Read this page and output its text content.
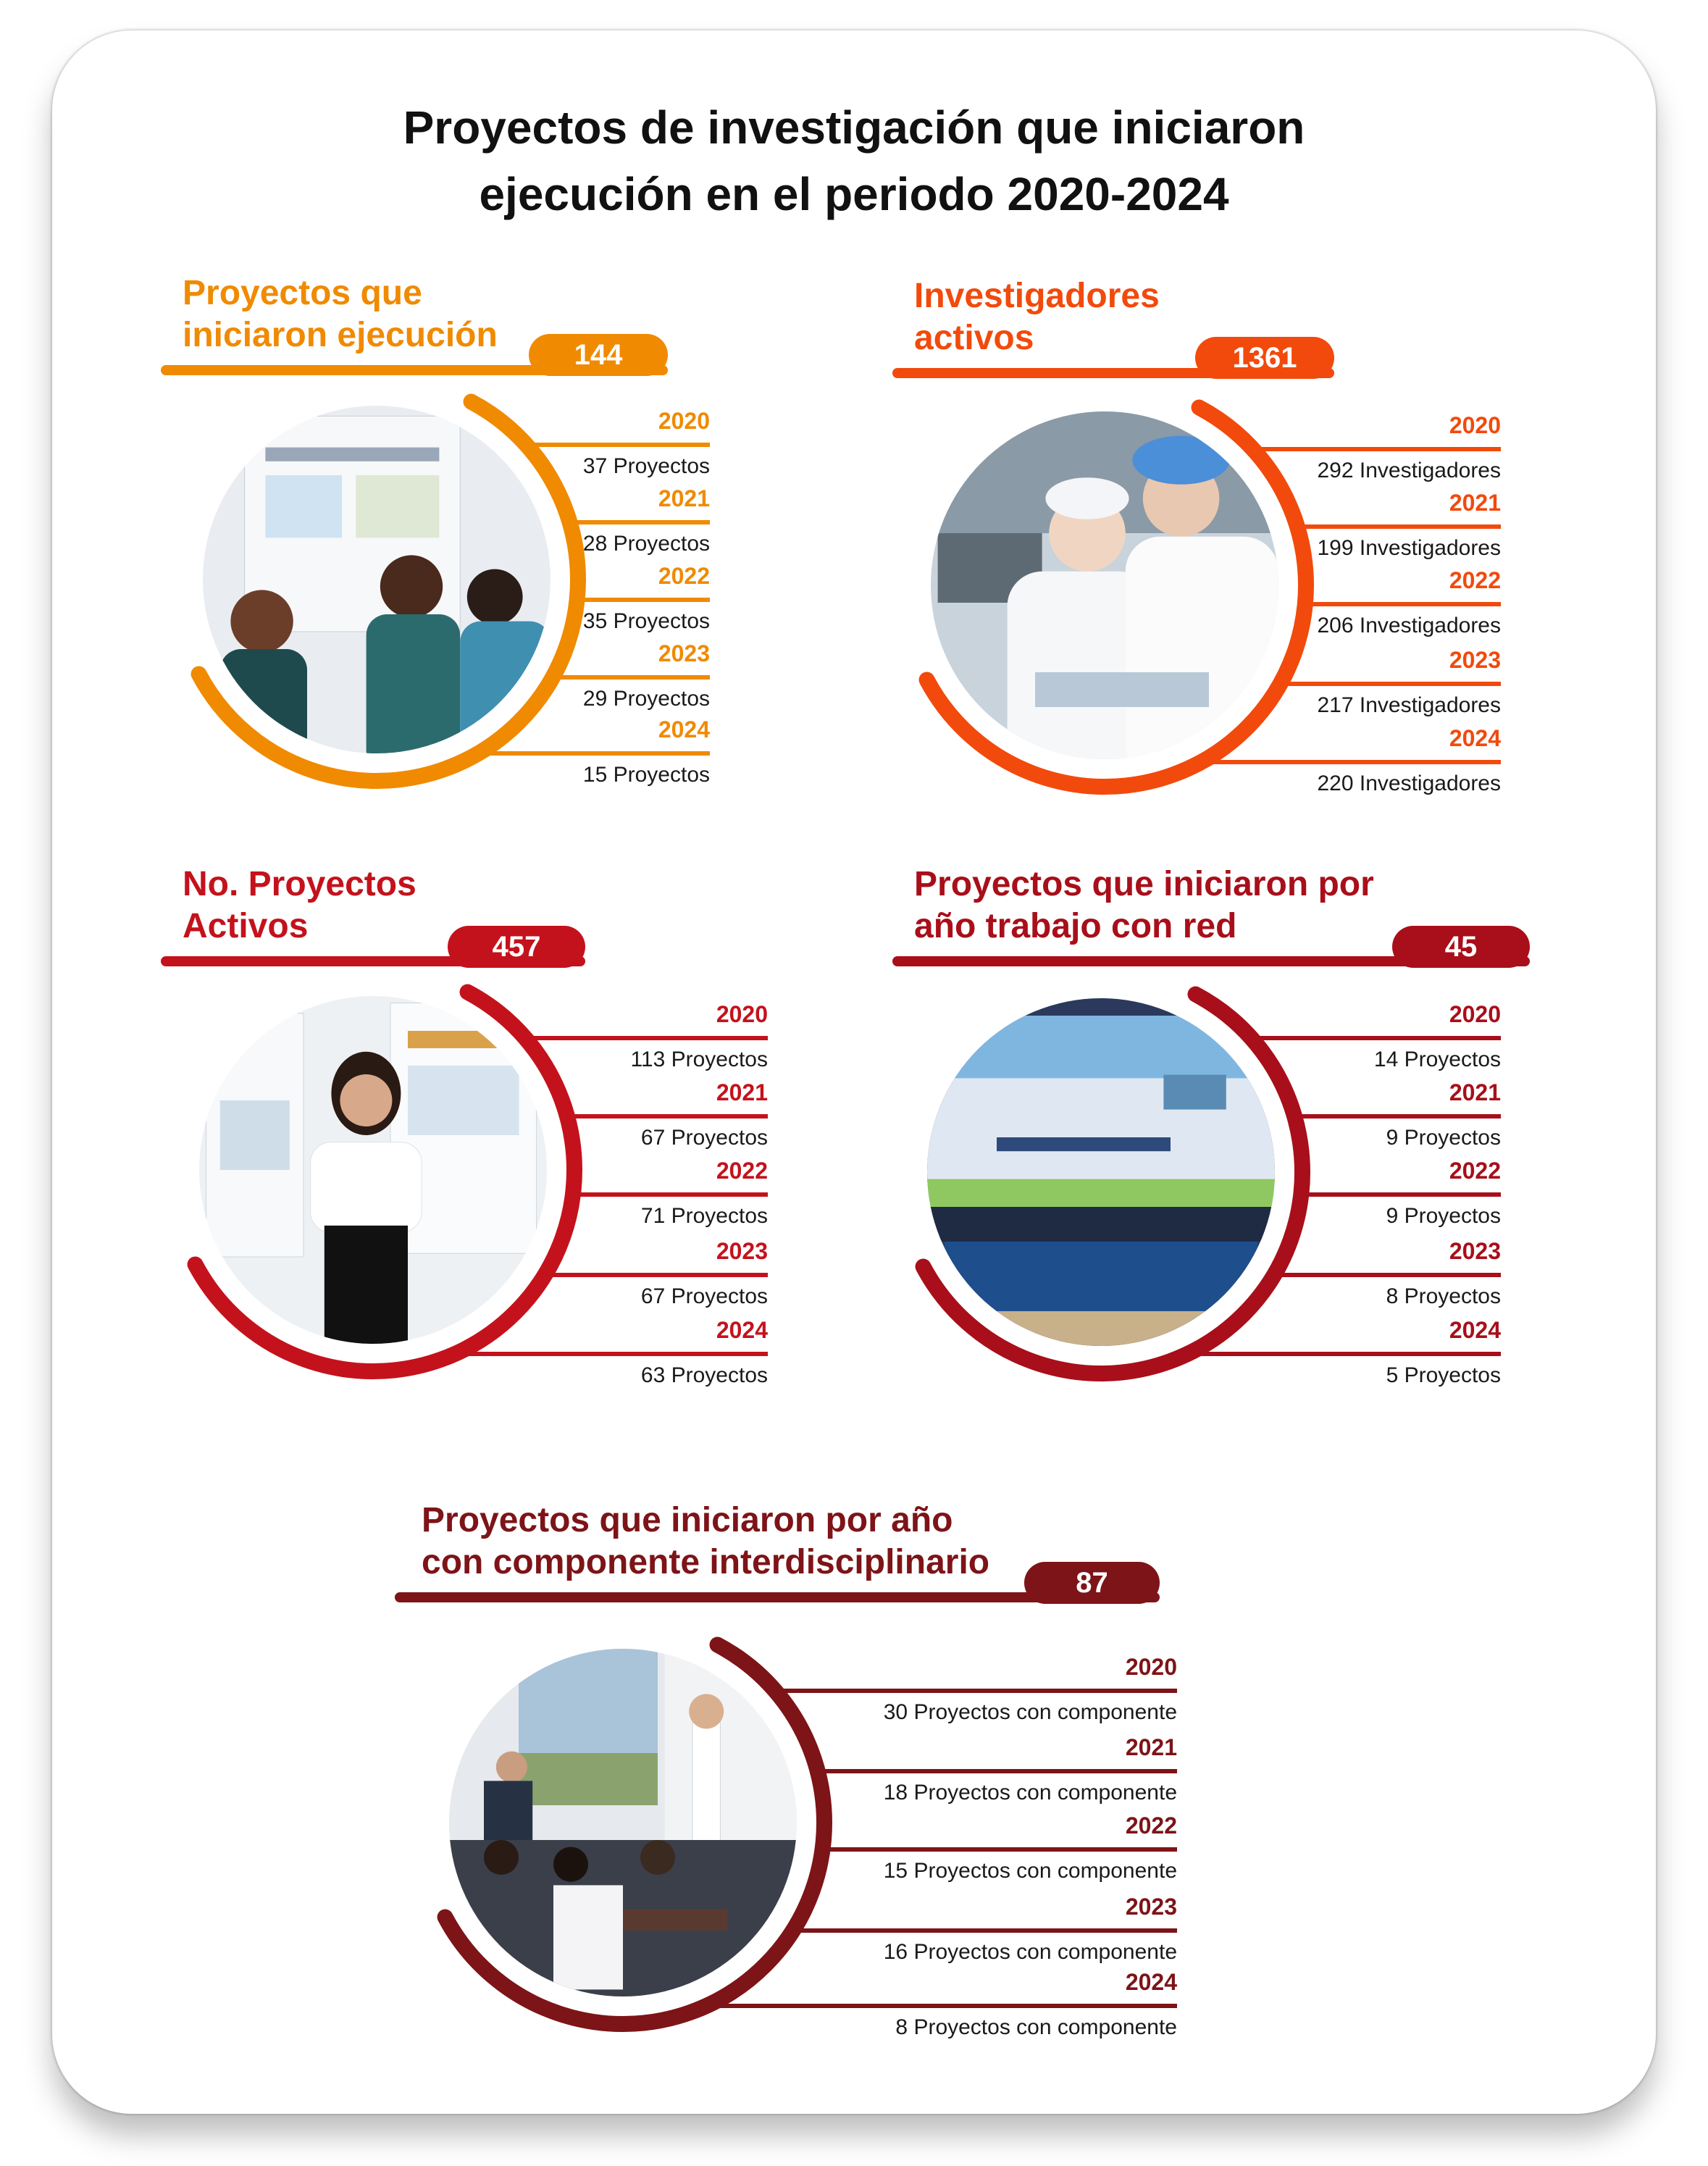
Proyectos de investigación que iniciaron
ejecución en el periodo 2020-2024
Proyectos que
iniciaron ejecución
144
2020
37 Proyectos
2021
28 Proyectos
2022
35 Proyectos
2023
29 Proyectos
2024
15 Proyectos
Investigadores
activos
1361
2020
292 Investigadores
2021
199 Investigadores
2022
206 Investigadores
2023
217 Investigadores
2024
220 Investigadores
No. Proyectos
Activos
457
2020
113 Proyectos
2021
67 Proyectos
2022
71 Proyectos
2023
67 Proyectos
2024
63 Proyectos
Proyectos que iniciaron por
año trabajo con red
45
2020
14 Proyectos
2021
9 Proyectos
2022
9 Proyectos
2023
8 Proyectos
2024
5 Proyectos
Proyectos que iniciaron por año
con componente interdisciplinario
87
2020
30 Proyectos con componente
2021
18 Proyectos con componente
2022
15 Proyectos con componente
2023
16 Proyectos con componente
2024
8 Proyectos con componente
